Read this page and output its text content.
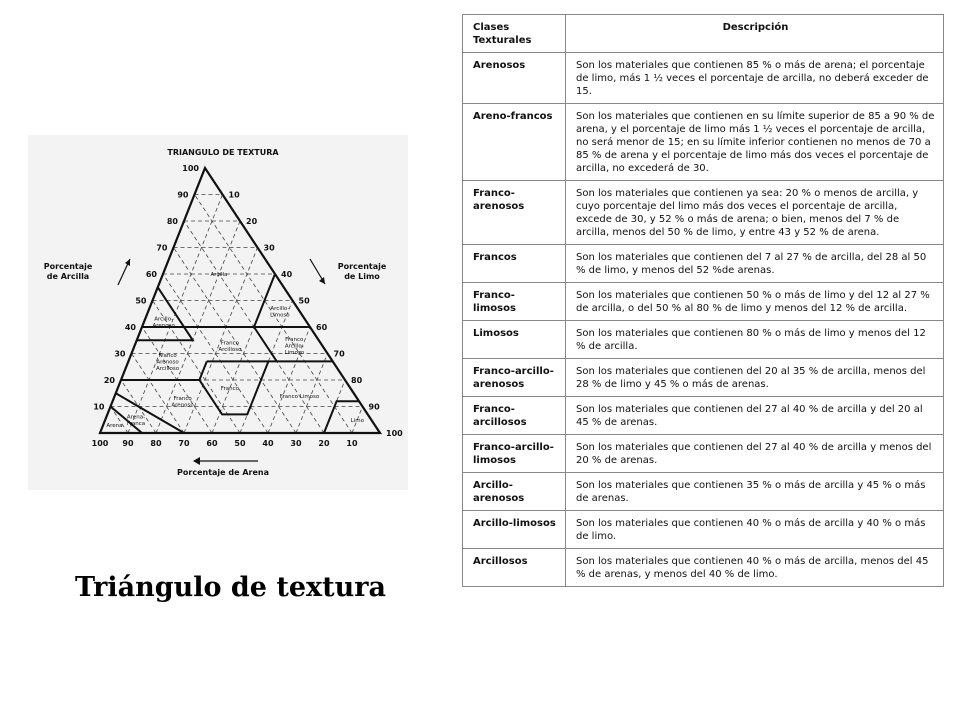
100
90
80
70
60
50
40
30
20
10
10
20
30
40
50
60
70
80
90
100
100 90 80 70 60 50 40 30 20 10
Arcilla
Arcillo-
Arenoso
Arcillo-
Limoso
Franco
Arcilloso
Franco
Arenoso
Arcilloso
Franco
Arcillo-
Limoso
Franco
Franco
Arenoso
Franco Limoso
Limo
Arena-
Franca
Arena
TRIANGULO DE TEXTURA
Porcentaje
de Arcilla
Porcentaje
de Limo
Porcentaje de Arena
Triángulo de textura
Clases Texturales	Descripción
Arenosos	Son los materiales que contienen 85 % o más de arena; el porcentaje de limo, más 1 ½ veces el porcentaje de arcilla, no deberá exceder de 15.
Areno-francos	Son los materiales que contienen en su límite superior de 85 a 90 % de arena, y el porcentaje de limo más 1 ½ veces el porcentaje de arcilla, no será menor de 15; en su límite inferior contienen no menos de 70 a 85 % de arena y el porcentaje de limo más dos veces el porcentaje de arcilla, no excederá de 30.
Franco-arenosos	Son los materiales que contienen ya sea: 20 % o menos de arcilla, y cuyo porcentaje del limo más dos veces el porcentaje de arcilla, excede de 30, y 52 % o más de arena; o bien, menos del 7 % de arcilla, menos del 50 % de limo, y entre 43 y 52 % de arena.
Francos	Son los materiales que contienen del 7 al 27 % de arcilla, del 28 al 50 % de limo, y menos del 52 %de arenas.
Franco-limosos	Son los materiales que contienen 50 % o más de limo y del 12 al 27 % de arcilla, o del 50 % al 80 % de limo y menos del 12 % de arcilla.
Limosos	Son los materiales que contienen 80 % o más de limo y menos del 12 % de arcilla.
Franco-arcillo-arenosos	Son los materiales que contienen del 20 al 35 % de arcilla, menos del 28 % de limo y 45 % o más de arenas.
Franco-arcillosos	Son los materiales que contienen del 27 al 40 % de arcilla y del 20 al 45 % de arenas.
Franco-arcillo-limosos	Son los materiales que contienen del 27 al 40 % de arcilla y menos del 20 % de arenas.
Arcillo-arenosos	Son los materiales que contienen 35 % o más de arcilla y 45 % o más de arenas.
Arcillo-limosos	Son los materiales que contienen 40 % o más de arcilla y 40 % o más de limo.
Arcillosos	Son los materiales que contienen 40 % o más de arcilla, menos del 45 % de arenas, y menos del 40 % de limo.
